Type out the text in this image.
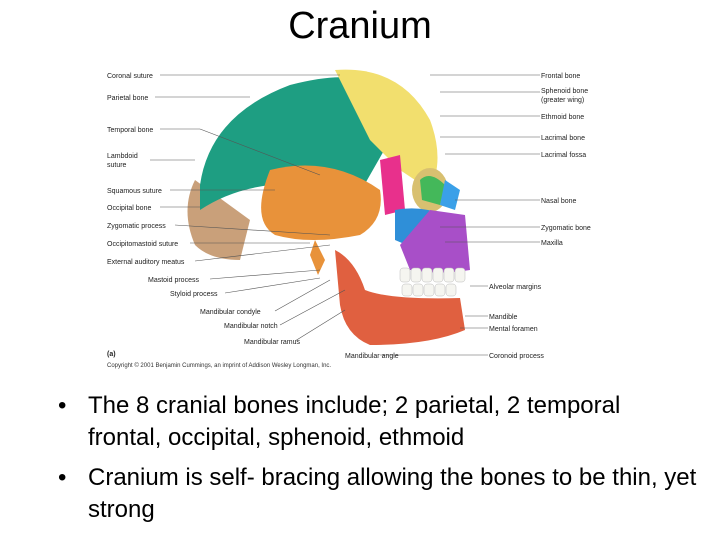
Cranium
Coronal suture
Parietal bone
Temporal bone
Lambdoid
suture
Squamous suture
Occipital bone
Zygomatic process
Occipitomastoid suture
External auditory meatus
Mastoid process
Styloid process
Mandibular condyle
Mandibular notch
Mandibular ramus
Frontal bone
Sphenoid bone
(greater wing)
Ethmoid bone
Lacrimal bone
Lacrimal fossa
Nasal bone
Zygomatic bone
Maxilla
Alveolar margins
Mandible
Mental foramen
Coronoid process
Mandibular angle
(a)
Copyright © 2001 Benjamin Cummings, an imprint of Addison Wesley Longman, Inc.
• The 8 cranial bones include; 2 parietal, 2 temporal frontal, occipital, sphenoid, ethmoid
• Cranium is self- bracing allowing the bones to be thin, yet strong
